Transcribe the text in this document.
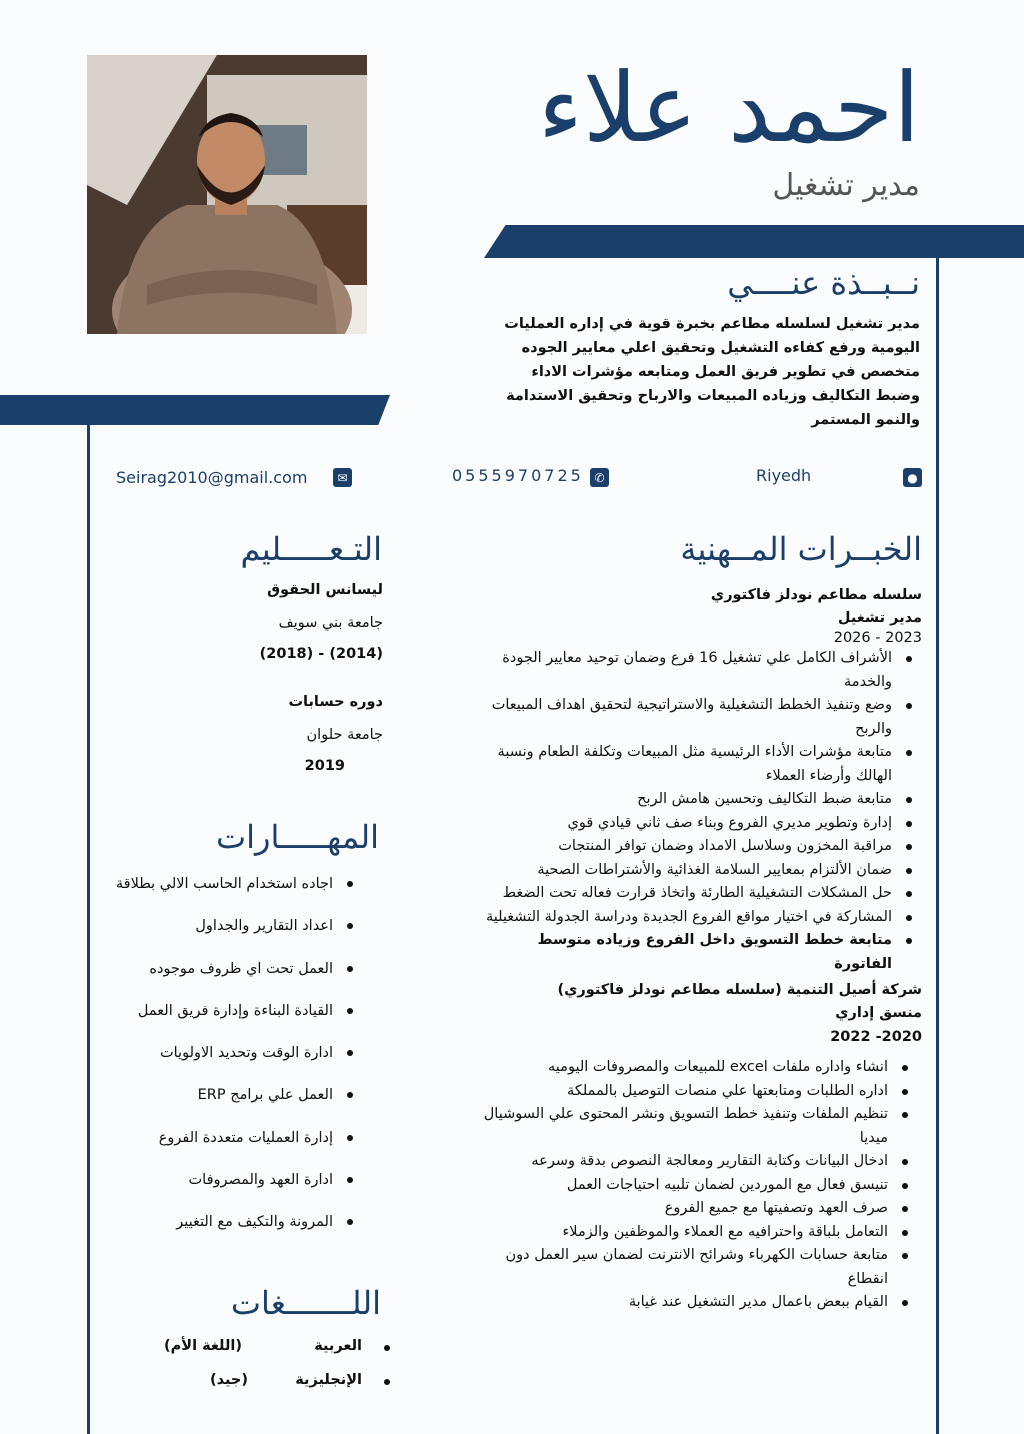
احمد علاء
مدير تشغيل
نــبــذة عنــــي
مدير تشغيل لسلسله مطاعم بخبرة قوية في إداره العمليات اليومية ورفع كفاءه التشغيل وتحقيق اعلي معايير الجوده متخصص في تطوير فريق العمل ومتابعه مؤشرات الاداء وضبط التكاليف وزياده المبيعات والارباح وتحقيق الاستدامة والنمو المستمر
●
Riyedh
✆
0555970725
✉
Seirag2010@gmail.com
الخبــرات المــهنية
سلسله مطاعم نودلز فاكتوري
مدير تشغيل
2023 - 2026
الأشراف الكامل علي تشغيل 16 فرع وضمان توحيد معايير الجودة والخدمة
وضع وتنفيذ الخطط التشغيلية والاستراتيجية لتحقيق اهداف المبيعات والربح
متابعة مؤشرات الأداء الرئيسية مثل المبيعات وتكلفة الطعام ونسبة الهالك وأرضاء العملاء
متابعة ضبط التكاليف وتحسين هامش الربح
إدارة وتطوير مديري الفروع وبناء صف ثاني قيادي قوي
مراقبة المخزون وسلاسل الامداد وضمان توافر المنتجات
ضمان الألتزام بمعايير السلامة الغذائية والأشتراطات الصحية
حل المشكلات التشغيلية الطارئة واتخاذ قرارت فعاله تحت الضغط
المشاركة في اختيار مواقع الفروع الجديدة ودراسة الجدولة التشغيلية
متابعة خطط التسويق داخل الفروع وزياده متوسط الفاتورة
شركة أصيل التنمية (سلسله مطاعم نودلز فاكتوري)
منسق إداري
2020- 2022
انشاء واداره ملفات excel للمبيعات والمصروفات اليوميه
اداره الطلبات ومتابعتها علي منصات التوصيل بالمملكة
تنظيم الملفات وتنفيذ خطط التسويق ونشر المحتوى علي السوشيال ميديا
ادخال البيانات وكتابة التقارير ومعالجة النصوص بدقة وسرعه
تنيسق فعال مع الموردين لضمان تلبيه احتياجات العمل
صرف العهد وتصفيتها مع جميع الفروع
التعامل بلباقة واحترافيه مع العملاء والموظفين والزملاء
متابعة حسابات الكهرباء وشرائح الانترنت لضمان سير العمل دون انقطاع
القيام ببعض باعمال مدير التشغيل عند غيابة
التـعـــــليم
ليسانس الحقوق
جامعة بني سويف
(2014) - (2018)
دوره حسابات
جامعة حلوان
2019
المهـــــارات
اجاده استخدام الحاسب الالي بطلاقة
اعداد التقارير والجداول
العمل تحت اي ظروف موجوده
القيادة البناءة وإدارة فريق العمل
ادارة الوقت وتحديد الاولويات
العمل علي برامج ERP
إدارة العمليات متعددة الفروع
ادارة العهد والمصروفات
المرونة والتكيف مع التغيير
اللـــــــغات
العربية
(اللغة الأم)
الإنجليزية
(جيد)
